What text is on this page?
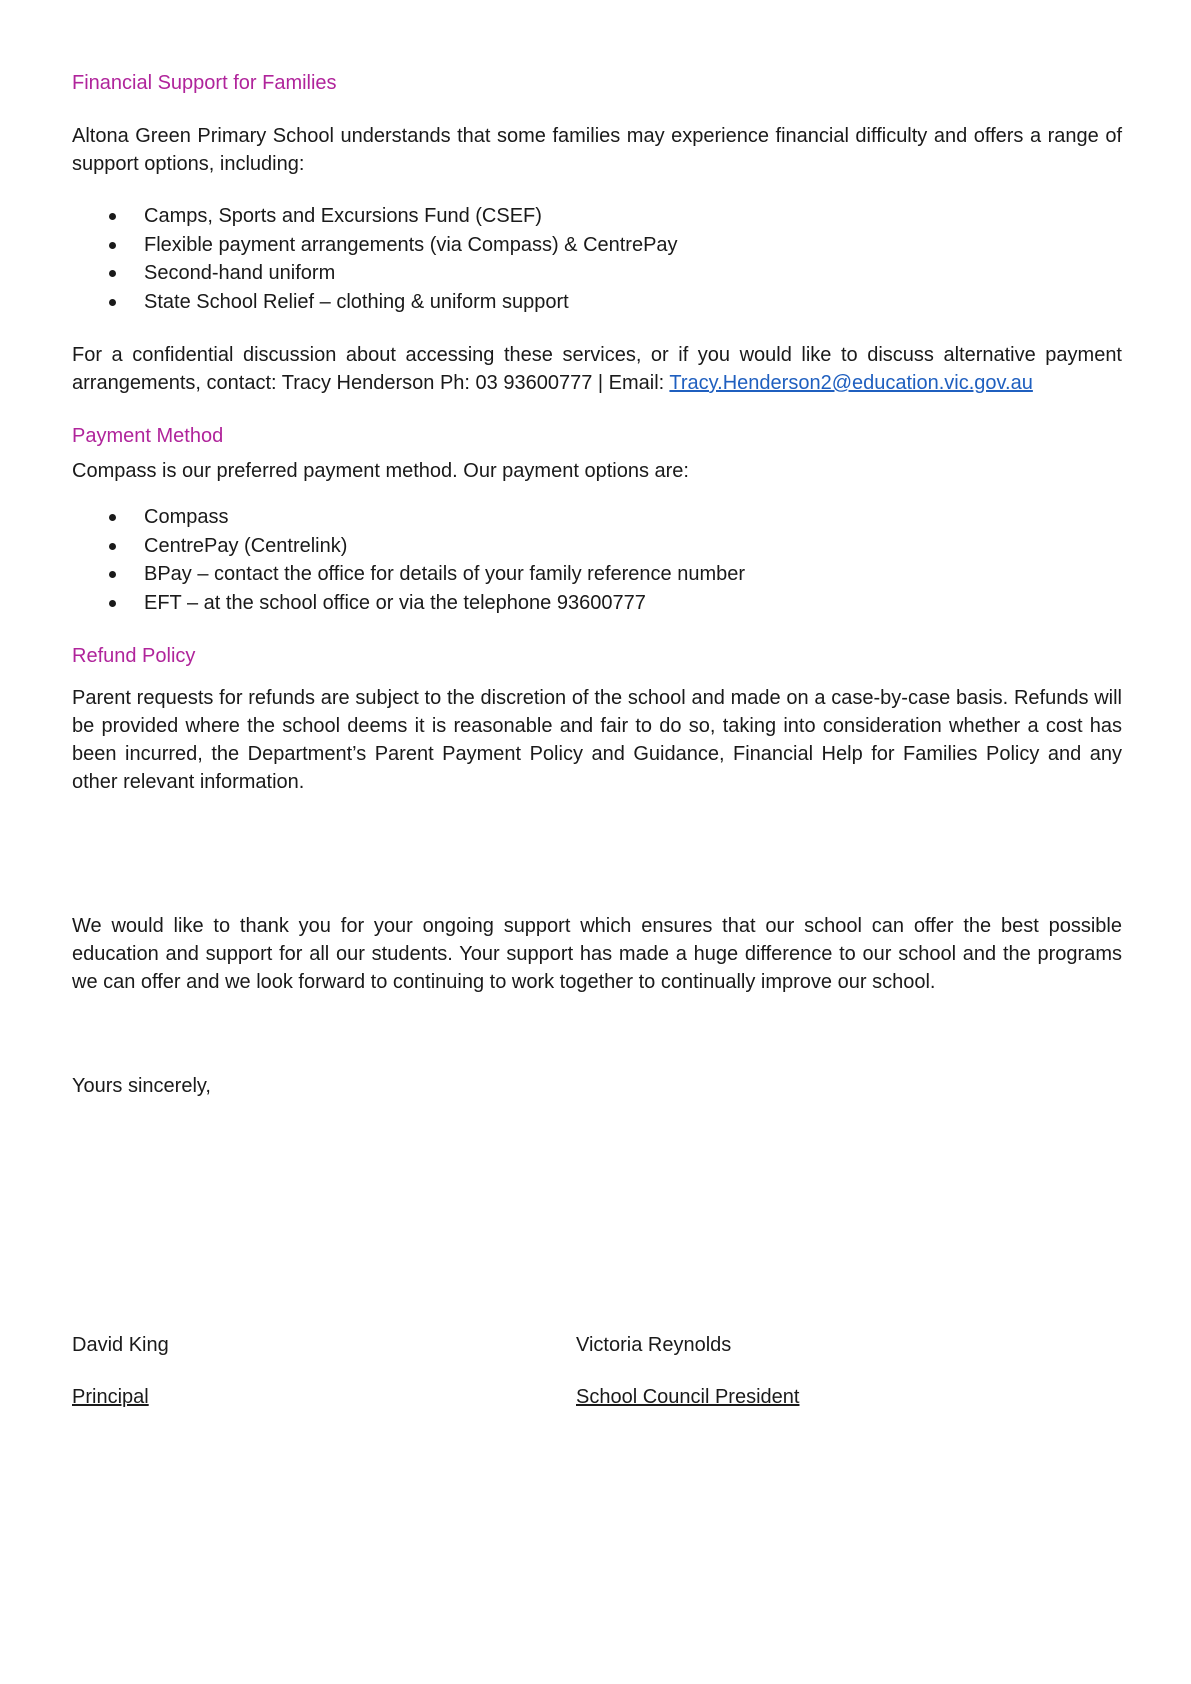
Financial Support for Families
Altona Green Primary School understands that some families may experience financial difficulty and offers a range of support options, including:
Camps, Sports and Excursions Fund (CSEF)
Flexible payment arrangements (via Compass) & CentrePay
Second-hand uniform
State School Relief – clothing & uniform support
For a confidential discussion about accessing these services, or if you would like to discuss alternative payment arrangements, contact: Tracy Henderson Ph: 03 93600777 | Email: Tracy.Henderson2@education.vic.gov.au
Payment Method
Compass is our preferred payment method. Our payment options are:
Compass
CentrePay (Centrelink)
BPay – contact the office for details of your family reference number
EFT – at the school office or via the telephone 93600777
Refund Policy
Parent requests for refunds are subject to the discretion of the school and made on a case-by-case basis. Refunds will be provided where the school deems it is reasonable and fair to do so, taking into consideration whether a cost has been incurred, the Department’s Parent Payment Policy and Guidance, Financial Help for Families Policy and any other relevant information.
We would like to thank you for your ongoing support which ensures that our school can offer the best possible education and support for all our students. Your support has made a huge difference to our school and the programs we can offer and we look forward to continuing to work together to continually improve our school.
Yours sincerely,
David King
Principal
Victoria Reynolds
School Council President
